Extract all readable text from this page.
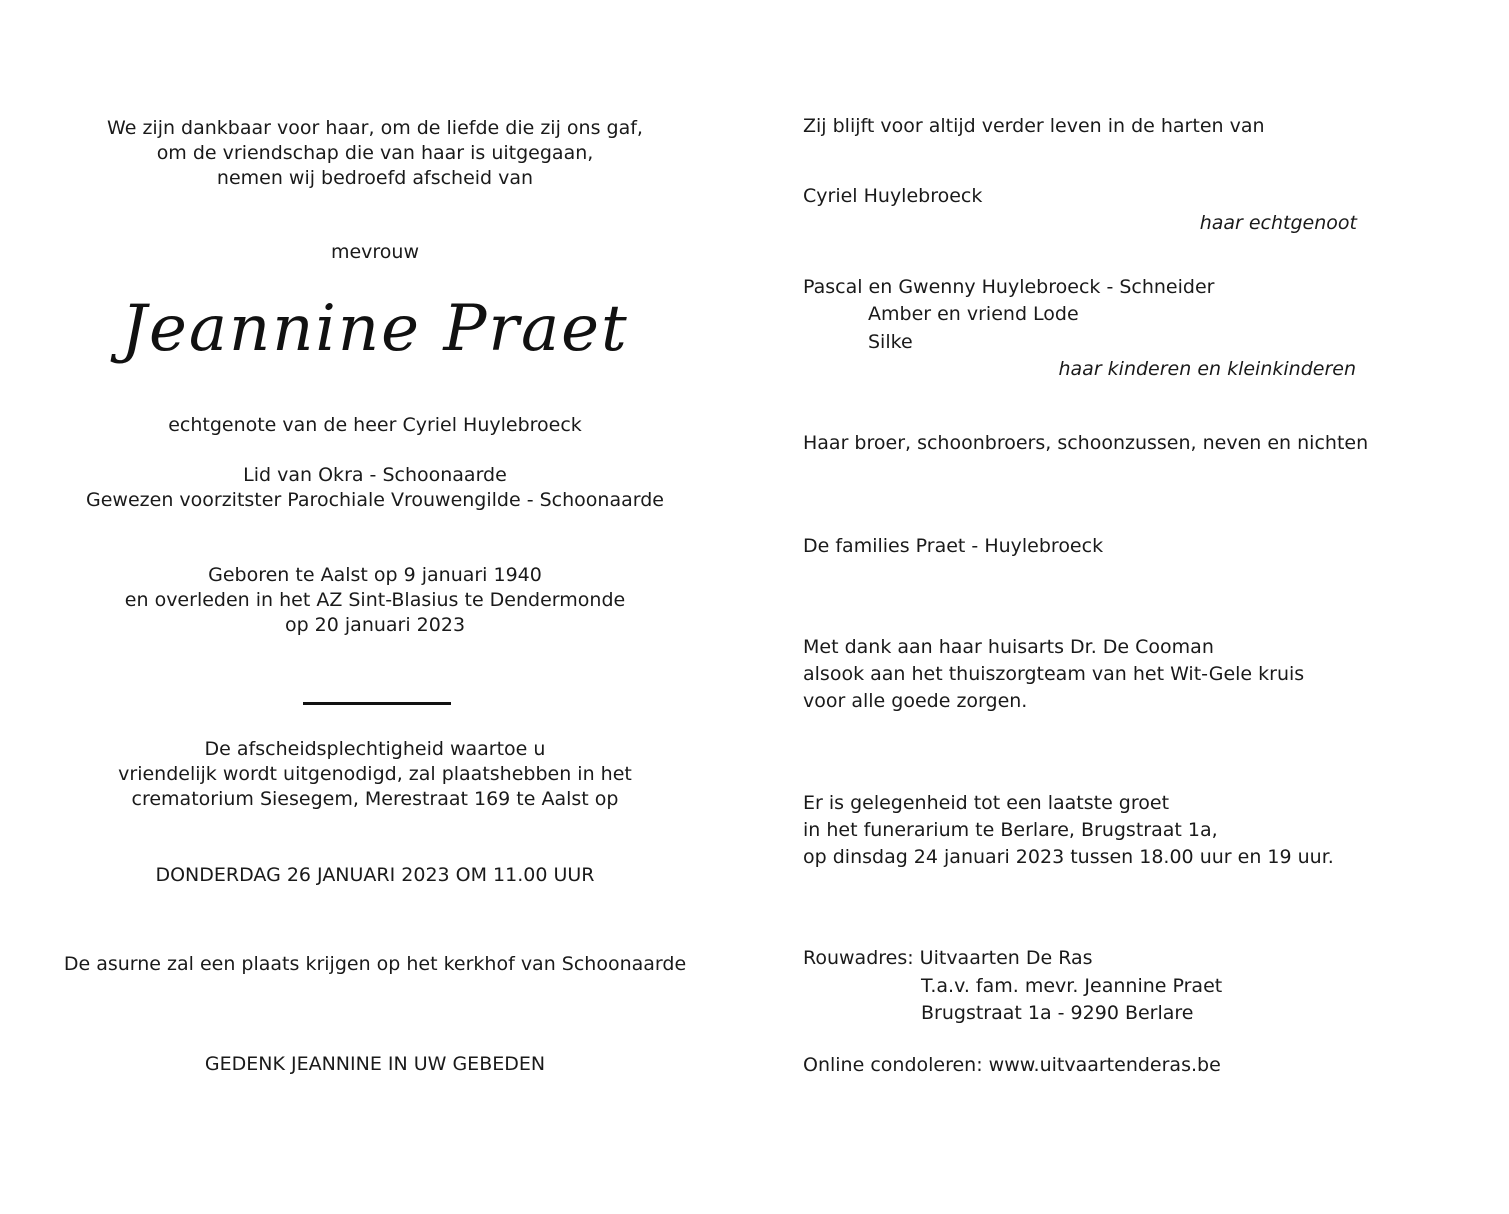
We zijn dankbaar voor haar, om de liefde die zij ons gaf,
om de vriendschap die van haar is uitgegaan,
nemen wij bedroefd afscheid van
mevrouw
Jeannine Praet
echtgenote van de heer Cyriel Huylebroeck
Lid van Okra - Schoonaarde
Gewezen voorzitster Parochiale Vrouwengilde - Schoonaarde
Geboren te Aalst op 9 januari 1940
en overleden in het AZ Sint-Blasius te Dendermonde
op 20 januari 2023
De afscheidsplechtigheid waartoe u
vriendelijk wordt uitgenodigd, zal plaatshebben in het
crematorium Siesegem, Merestraat 169 te Aalst op
DONDERDAG 26 JANUARI 2023 OM 11.00 UUR
De asurne zal een plaats krijgen op het kerkhof van Schoonaarde
GEDENK JEANNINE IN UW GEBEDEN
Zij blijft voor altijd verder leven in de harten van
Cyriel Huylebroeck
haar echtgenoot
Pascal en Gwenny Huylebroeck - Schneider
Amber en vriend Lode
Silke
haar kinderen en kleinkinderen
Haar broer, schoonbroers, schoonzussen, neven en nichten
De families Praet - Huylebroeck
Met dank aan haar huisarts Dr. De Cooman
alsook aan het thuiszorgteam van het Wit-Gele kruis
voor alle goede zorgen.
Er is gelegenheid tot een laatste groet
in het funerarium te Berlare, Brugstraat 1a,
op dinsdag 24 januari 2023 tussen 18.00 uur en 19 uur.
Rouwadres: Uitvaarten De Ras
T.a.v. fam. mevr. Jeannine Praet
Brugstraat 1a - 9290 Berlare
Online condoleren: www.uitvaartenderas.be
